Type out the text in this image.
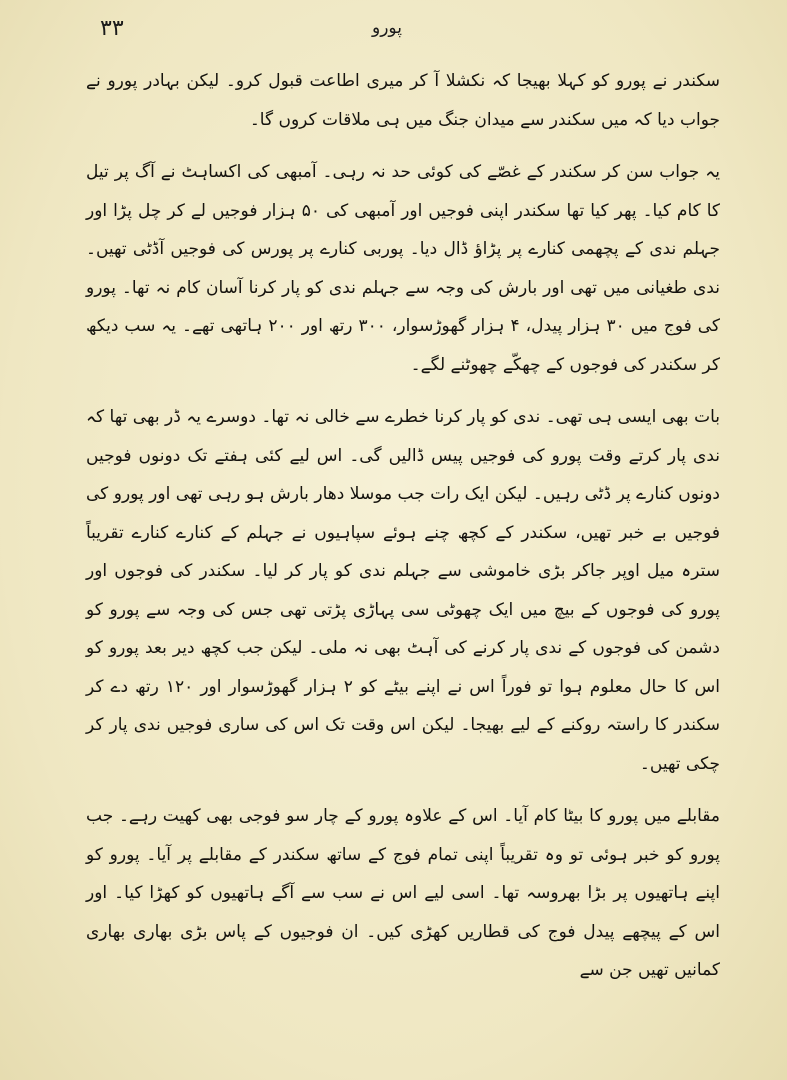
۳۳	پورو

سکندر نے پورو کو کہلا بھیجا کہ نکشلا آ کر میری اطاعت قبول کرو۔ لیکن بہادر پورو نے جواب دیا کہ میں سکندر سے میدان جنگ میں ہی ملاقات کروں گا۔

یہ جواب سن کر سکندر کے غصّے کی کوئی حد نہ رہی۔ آمبھی کی اکساہٹ نے آگ پر تیل کا کام کیا۔ پھر کیا تھا سکندر اپنی فوجیں اور آمبھی کی ۵۰ ہزار فوجیں لے کر چل پڑا اور جہلم ندی کے پچھمی کنارے پر پڑاؤ ڈال دیا۔ پوربی کنارے پر پورس کی فوجیں آڈٹی تھیں۔ ندی طغیانی میں تھی اور بارش کی وجہ سے جہلم ندی کو پار کرنا آسان کام نہ تھا۔ پورو کی فوج میں ۳۰ ہزار پیدل، ۴ ہزار گھوڑسوار، ۳۰۰ رتھ اور ۲۰۰ ہاتھی تھے۔ یہ سب دیکھ کر سکندر کی فوجوں کے چھکّے چھوٹنے لگے۔

بات بھی ایسی ہی تھی۔ ندی کو پار کرنا خطرے سے خالی نہ تھا۔ دوسرے یہ ڈر بھی تھا کہ ندی پار کرتے وقت پورو کی فوجیں پیس ڈالیں گی۔ اس لیے کئی ہفتے تک دونوں فوجیں دونوں کنارے پر ڈٹی رہیں۔ لیکن ایک رات جب موسلا دھار بارش ہو رہی تھی اور پورو کی فوجیں بے خبر تھیں، سکندر کے کچھ چنے ہوئے سپاہیوں نے جہلم کے کنارے کنارے تقریباً سترہ میل اوپر جاکر بڑی خاموشی سے جہلم ندی کو پار کر لیا۔ سکندر کی فوجوں اور پورو کی فوجوں کے بیچ میں ایک چھوٹی سی پہاڑی پڑتی تھی جس کی وجہ سے پورو کو دشمن کی فوجوں کے ندی پار کرنے کی آہٹ بھی نہ ملی۔ لیکن جب کچھ دیر بعد پورو کو اس کا حال معلوم ہوا تو فوراً اس نے اپنے بیٹے کو ۲ ہزار گھوڑسوار اور ۱۲۰ رتھ دے کر سکندر کا راستہ روکنے کے لیے بھیجا۔ لیکن اس وقت تک اس کی ساری فوجیں ندی پار کر چکی تھیں۔

مقابلے میں پورو کا بیٹا کام آیا۔ اس کے علاوہ پورو کے چار سو فوجی بھی کھیت رہے۔ جب پورو کو خبر ہوئی تو وہ تقریباً اپنی تمام فوج کے ساتھ سکندر کے مقابلے پر آیا۔ پورو کو اپنے ہاتھیوں پر بڑا بھروسہ تھا۔ اسی لیے اس نے سب سے آگے ہاتھیوں کو کھڑا کیا۔ اور اس کے پیچھے پیدل فوج کی قطاریں کھڑی کیں۔ ان فوجیوں کے پاس بڑی بھاری بھاری کمانیں تھیں جن سے
